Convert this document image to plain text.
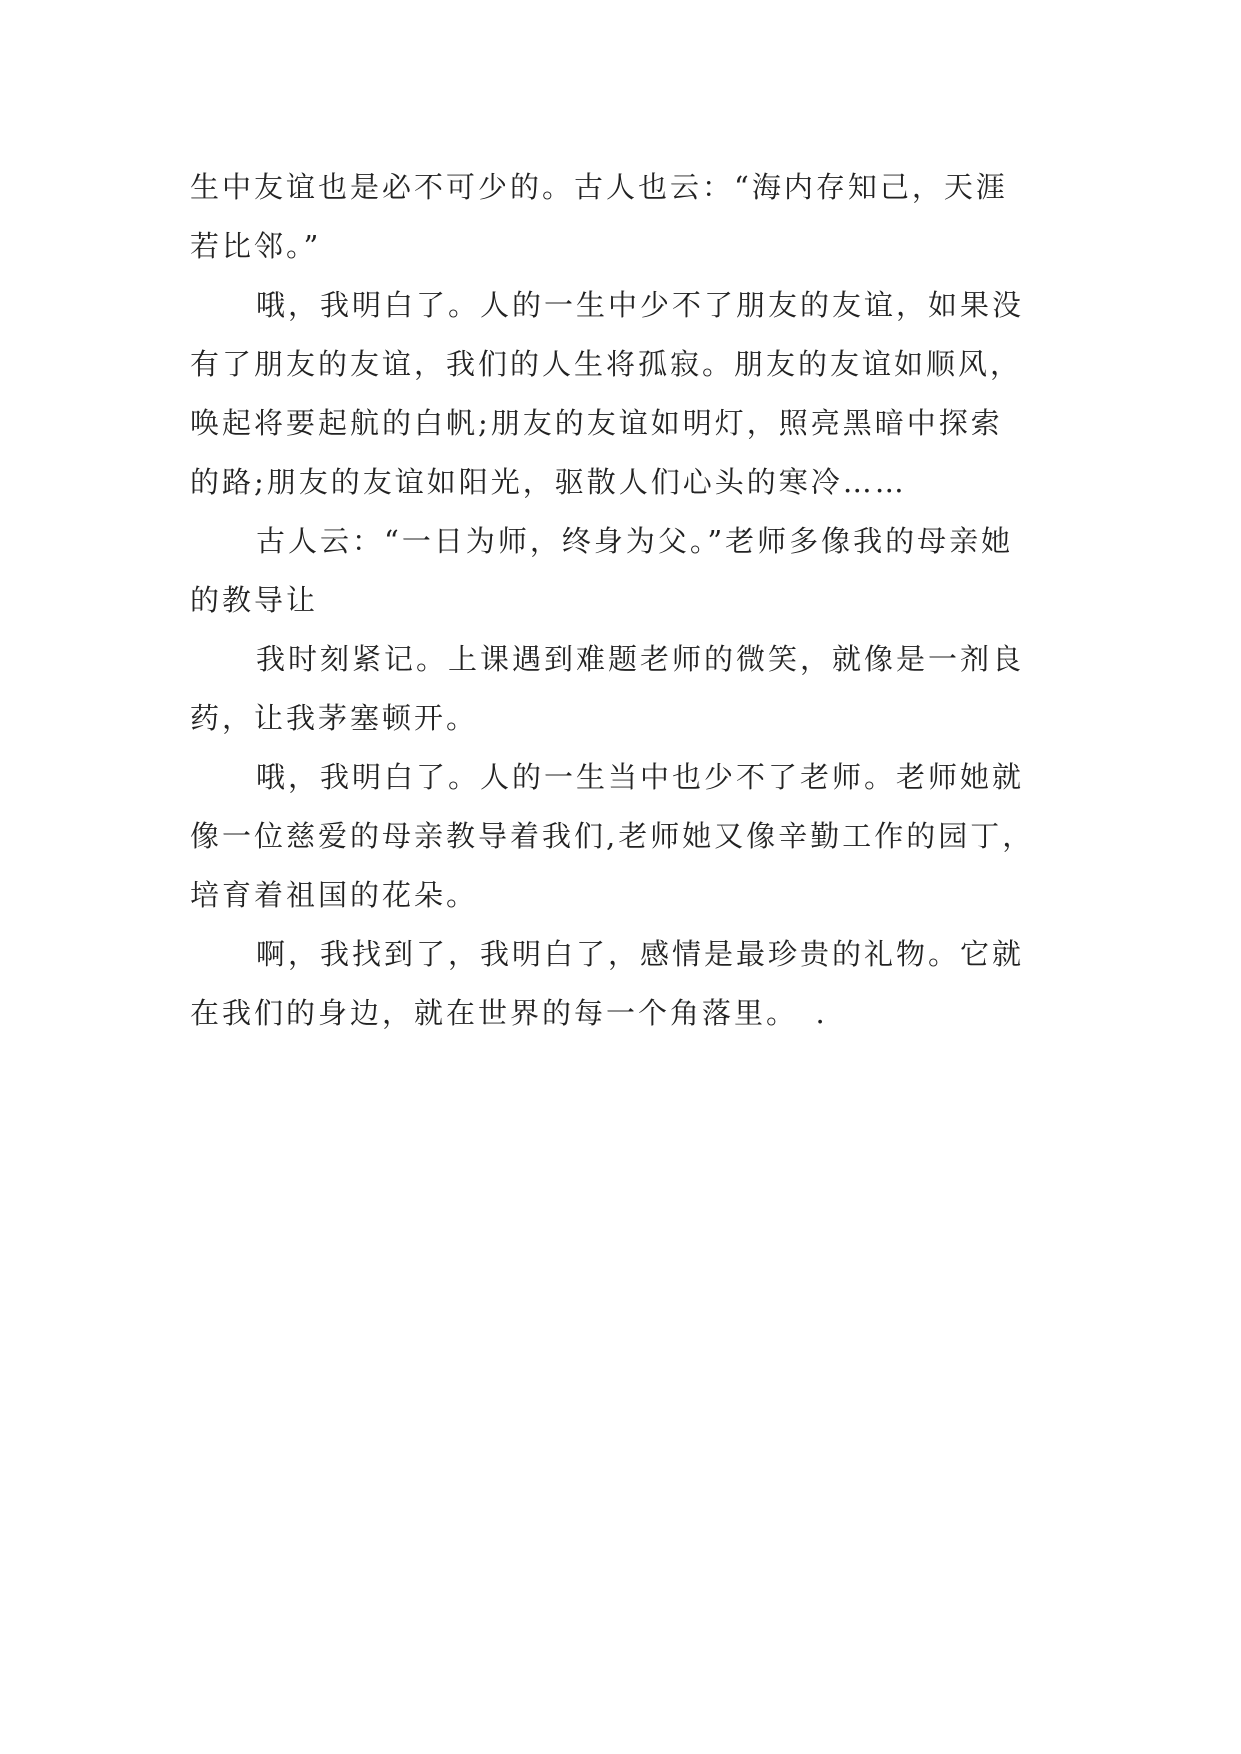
生中友谊也是必不可少的。古人也云：“海内存知己，天涯
若比邻。”

哦，我明白了。人的一生中少不了朋友的友谊，如果没
有了朋友的友谊，我们的人生将孤寂。朋友的友谊如顺风，
唤起将要起航的白帆;朋友的友谊如明灯，照亮黑暗中探索
的路;朋友的友谊如阳光，驱散人们心头的寒冷……

古人云：“一日为师，终身为父。”老师多像我的母亲她
的教导让

我时刻紧记。上课遇到难题老师的微笑，就像是一剂良
药，让我茅塞顿开。

哦，我明白了。人的一生当中也少不了老师。老师她就
像一位慈爱的母亲教导着我们,老师她又像辛勤工作的园丁，
培育着祖国的花朵。

啊，我找到了，我明白了，感情是最珍贵的礼物。它就
在我们的身边，就在世界的每一个角落里。　.
